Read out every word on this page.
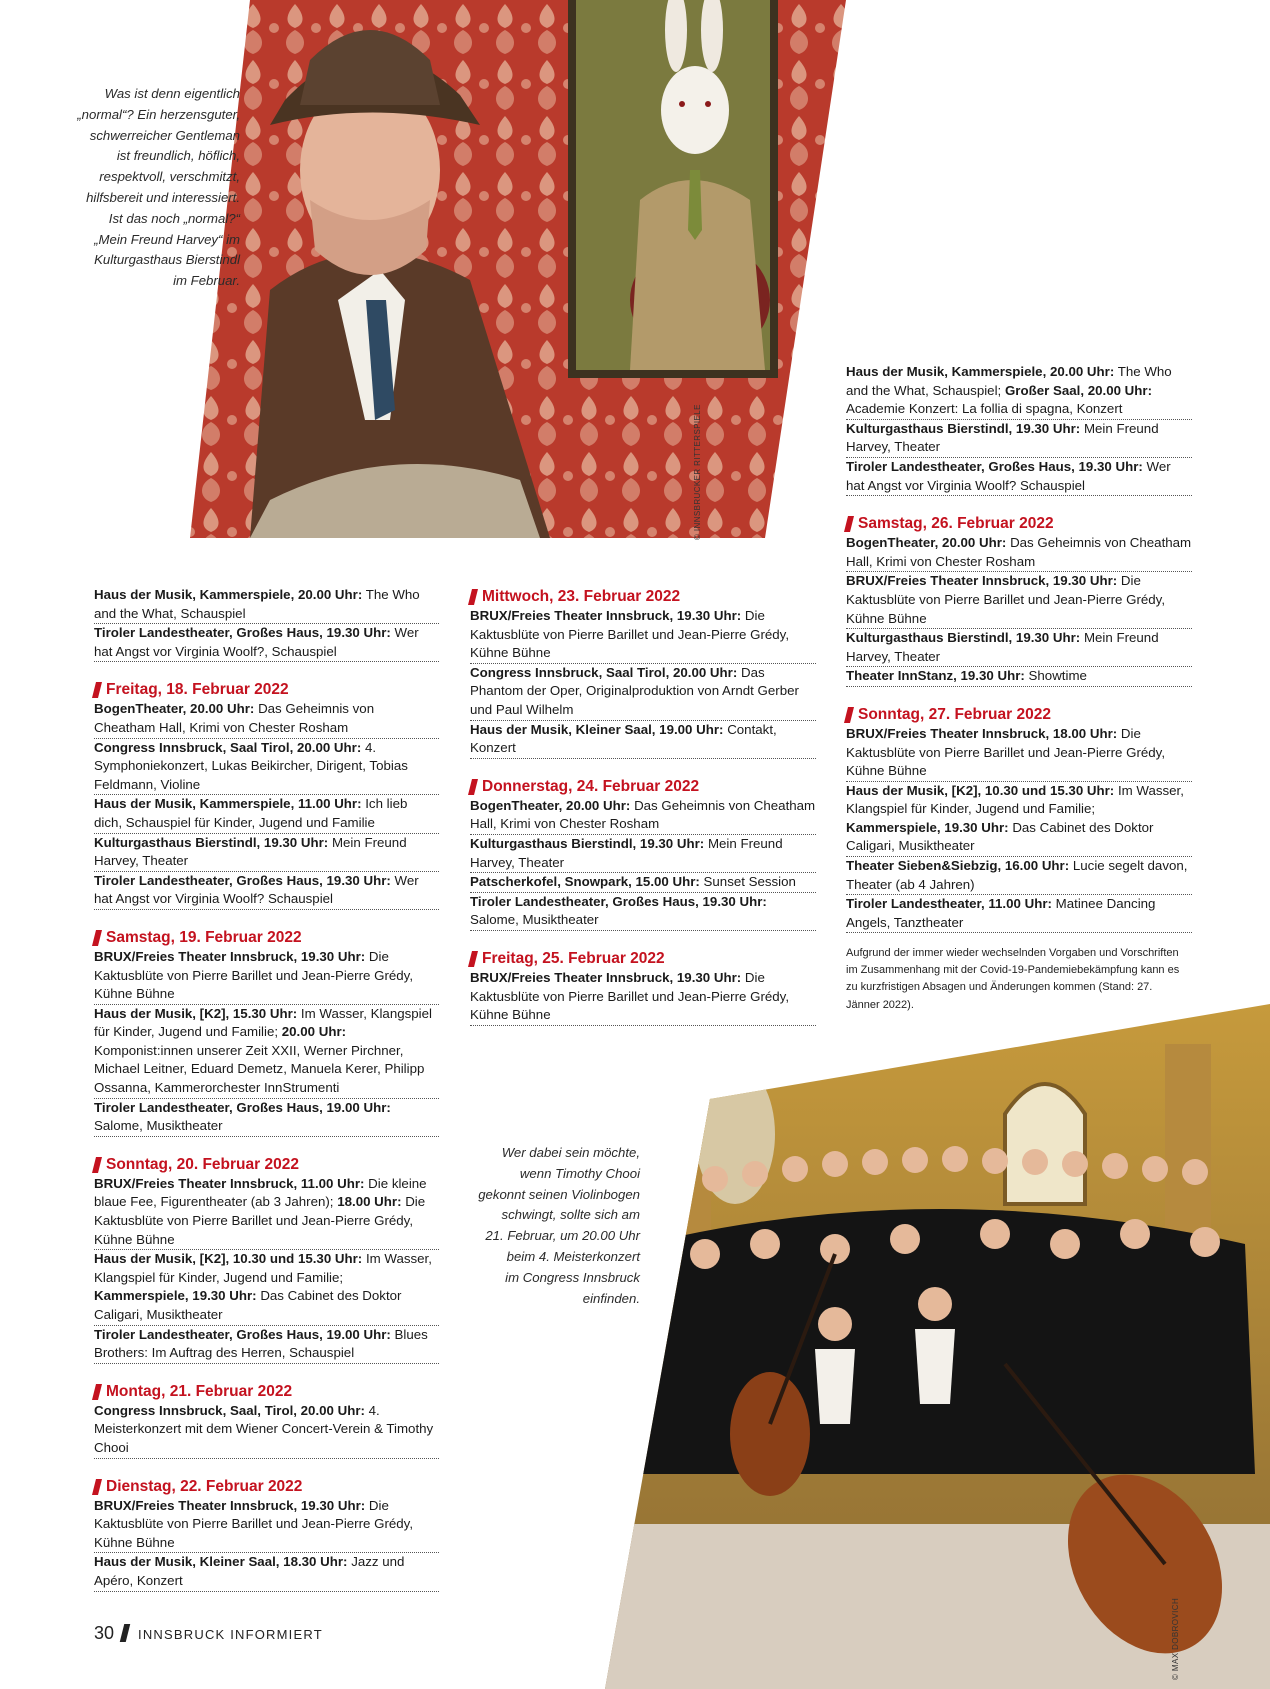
© INNSBRUCKER RITTERSPIELE
Was ist denn eigentlich
„normal“? Ein herzensguter,
schwerreicher Gentleman
ist freundlich, höflich,
respektvoll, verschmitzt,
hilfsbereit und interessiert.
Ist das noch „normal?“
„Mein Freund Harvey“ im
Kulturgasthaus Bierstindl
im Februar.
© MAX DOBROVICH
Wer dabei sein möchte,
wenn Timothy Chooi
gekonnt seinen Violinbogen
schwingt, sollte sich am
21. Februar, um 20.00 Uhr
beim 4. Meisterkonzert
im Congress Innsbruck
einfinden.
Haus der Musik, Kammerspiele, 20.00 Uhr: The Who and the What, Schauspiel
Tiroler Landestheater, Großes Haus, 19.30 Uhr: Wer hat Angst vor Virginia Woolf?, Schauspiel
Freitag, 18. Februar 2022
BogenTheater, 20.00 Uhr: Das Geheimnis von Cheatham Hall, Krimi von Chester Rosham
Congress Innsbruck, Saal Tirol, 20.00 Uhr: 4. Symphoniekonzert, Lukas Beikircher, Dirigent, Tobias Feldmann, Violine
Haus der Musik, Kammerspiele, 11.00 Uhr: Ich lieb dich, Schauspiel für Kinder, Jugend und Familie
Kulturgasthaus Bierstindl, 19.30 Uhr: Mein Freund Harvey, Theater
Tiroler Landestheater, Großes Haus, 19.30 Uhr: Wer hat Angst vor Virginia Woolf? Schauspiel
Samstag, 19. Februar 2022
BRUX/Freies Theater Innsbruck, 19.30 Uhr: Die Kaktusblüte von Pierre Barillet und Jean-Pierre Grédy, Kühne Bühne
Haus der Musik, [K2], 15.30 Uhr: Im Wasser, Klangspiel für Kinder, Jugend und Familie; 20.00 Uhr: Komponist:innen unserer Zeit XXII, Werner Pirchner, Michael Leitner, Eduard Demetz, Manuela Kerer, Philipp Ossanna, Kammerorchester InnStrumenti
Tiroler Landestheater, Großes Haus, 19.00 Uhr: Salome, Musiktheater
Sonntag, 20. Februar 2022
BRUX/Freies Theater Innsbruck, 11.00 Uhr: Die kleine blaue Fee, Figurentheater (ab 3 Jahren); 18.00 Uhr: Die Kaktusblüte von Pierre Barillet und Jean-Pierre Grédy, Kühne Bühne
Haus der Musik, [K2], 10.30 und 15.30 Uhr: Im Wasser, Klangspiel für Kinder, Jugend und Familie; Kammerspiele, 19.30 Uhr: Das Cabinet des Doktor Caligari, Musiktheater
Tiroler Landestheater, Großes Haus, 19.00 Uhr: Blues Brothers: Im Auftrag des Herren, Schauspiel
Montag, 21. Februar 2022
Congress Innsbruck, Saal, Tirol, 20.00 Uhr: 4. Meisterkonzert mit dem Wiener Concert-Verein & Timothy Chooi
Dienstag, 22. Februar 2022
BRUX/Freies Theater Innsbruck, 19.30 Uhr: Die Kaktusblüte von Pierre Barillet und Jean-Pierre Grédy, Kühne Bühne
Haus der Musik, Kleiner Saal, 18.30 Uhr: Jazz und Apéro, Konzert
Mittwoch, 23. Februar 2022
BRUX/Freies Theater Innsbruck, 19.30 Uhr: Die Kaktusblüte von Pierre Barillet und Jean-Pierre Grédy, Kühne Bühne
Congress Innsbruck, Saal Tirol, 20.00 Uhr: Das Phantom der Oper, Originalproduktion von Arndt Gerber und Paul Wilhelm
Haus der Musik, Kleiner Saal, 19.00 Uhr: Contakt, Konzert
Donnerstag, 24. Februar 2022
BogenTheater, 20.00 Uhr: Das Geheimnis von Cheatham Hall, Krimi von Chester Rosham
Kulturgasthaus Bierstindl, 19.30 Uhr: Mein Freund Harvey, Theater
Patscherkofel, Snowpark, 15.00 Uhr: Sunset Session
Tiroler Landestheater, Großes Haus, 19.30 Uhr: Salome, Musiktheater
Freitag, 25. Februar 2022
BRUX/Freies Theater Innsbruck, 19.30 Uhr: Die Kaktusblüte von Pierre Barillet und Jean-Pierre Grédy, Kühne Bühne
Haus der Musik, Kammerspiele, 20.00 Uhr: The Who and the What, Schauspiel; Großer Saal, 20.00 Uhr: Academie Konzert: La follia di spagna, Konzert
Kulturgasthaus Bierstindl, 19.30 Uhr: Mein Freund Harvey, Theater
Tiroler Landestheater, Großes Haus, 19.30 Uhr: Wer hat Angst vor Virginia Woolf? Schauspiel
Samstag, 26. Februar 2022
BogenTheater, 20.00 Uhr: Das Geheimnis von Cheatham Hall, Krimi von Chester Rosham
BRUX/Freies Theater Innsbruck, 19.30 Uhr: Die Kaktusblüte von Pierre Barillet und Jean-Pierre Grédy, Kühne Bühne
Kulturgasthaus Bierstindl, 19.30 Uhr: Mein Freund Harvey, Theater
Theater InnStanz, 19.30 Uhr: Showtime
Sonntag, 27. Februar 2022
BRUX/Freies Theater Innsbruck, 18.00 Uhr: Die Kaktusblüte von Pierre Barillet und Jean-Pierre Grédy, Kühne Bühne
Haus der Musik, [K2], 10.30 und 15.30 Uhr: Im Wasser, Klangspiel für Kinder, Jugend und Familie; Kammerspiele, 19.30 Uhr: Das Cabinet des Doktor Caligari, Musiktheater
Theater Sieben&Siebzig, 16.00 Uhr: Lucie segelt davon, Theater (ab 4 Jahren)
Tiroler Landestheater, 11.00 Uhr: Matinee Dancing Angels, Tanztheater
Aufgrund der immer wieder wechselnden Vorgaben und Vorschriften im Zusammenhang mit der Covid-19-Pandemiebekämpfung kann es zu kurzfristigen Absagen und Änderungen kommen (Stand: 27. Jänner 2022).
30 INNSBRUCK INFORMIERT
